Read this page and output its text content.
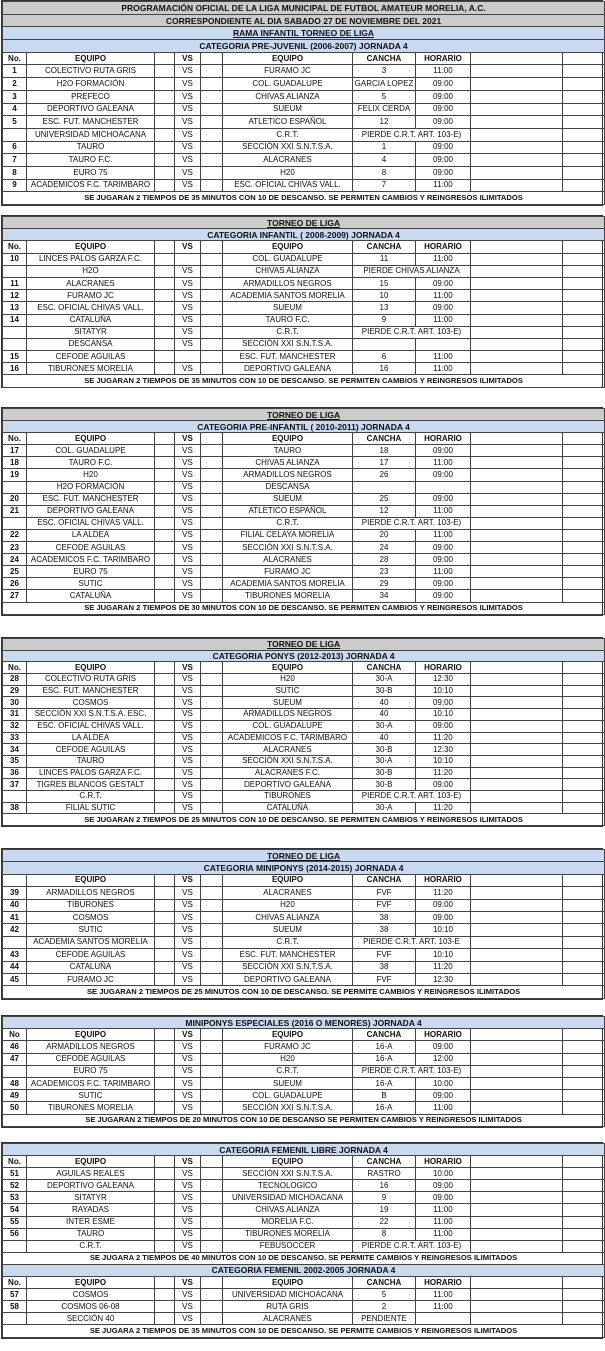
PROGRAMACIÓN OFICIAL DE LA LIGA MUNICIPAL DE FUTBOL AMATEUR MORELIA, A.C.									
CORRESPONDIENTE AL DIA SABADO 27 DE NOVIEMBRE DEL 2021									
RAMA INFANTIL TORNEO DE LIGA									
CATEGORIA PRE-JUVENIL (2006-2007) JORNADA 4									
No.	EQUIPO		VS		EQUIPO	CANCHA	HORARIO		
1	COLECTIVO RUTA GRIS		VS		FURAMO JC	3	11:00		
2	H2O FORMACIÓN		VS		COL. GUADALUPE	GARCIA LOPEZ	09:00		
3	PREFECO		VS		CHIVAS ALIANZA	5	09:00		
4	DEPORTIVO GALEANA		VS		SUEUM	FELIX CERDA	09:00		
5	ESC. FUT. MANCHESTER		VS		ATLETICO ESPAÑOL	12	09:00		
	UNIVERSIDAD MICHOACANA		VS		C.R.T.	PIERDE C.R.T. ART. 103-E)			
6	TAURO		VS		SECCIÓN XXI S.N.T.S.A.	1	09:00		
7	TAURO F.C.		VS		ALACRANES	4	09:00		
8	EURO 75		VS		H20	8	09:00		
9	ACADEMICOS F.C. TARIMBARO		VS		ESC. OFICIAL CHIVAS VALL.	7	11:00		
SE JUGARAN 2 TIEMPOS DE 35 MINUTOS CON 10 DE DESCANSO. SE PERMITEN CAMBIOS Y REINGRESOS ILIMITADOS									
TORNEO DE LIGA									
CATEGORIA INFANTIL ( 2008-2009) JORNADA 4									
No.	EQUIPO		VS		EQUIPO	CANCHA	HORARIO		
10	LINCES PALOS GARZA F.C.				COL. GUADALUPE	11	11:00		
	H2O		VS		CHIVAS ALIANZA	PIERDE CHIVAS ALIANZA			
11	ALACRANES		VS		ARMADILLOS NEGROS	15	09:00		
12	FURAMO JC		VS		ACADEMIA SANTOS MORELIA	10	11:00		
13	ESC. OFICIAL CHIVAS VALL.		VS		SUEUM	13	09:00		
14	CATALUÑA		VS		TAURO F.C.	9	11:00		
	SITATYR		VS		C.R.T.	PIERDE C.R.T. ART. 103-E)			
	DESCANSA		VS		SECCIÓN XXI S.N.T.S.A.				
15	CEFODE AGUILAS				ESC. FUT. MANCHESTER	6	11:00		
16	TIBURONES MORELIA		VS		DEPORTIVO GALEANA	16	11:00		
SE JUGARAN 2 TIEMPOS DE 35 MINUTOS CON 10 DE DESCANSO. SE PERMITEN CAMBIOS Y REINGRESOS ILIMITADOS									
TORNEO DE LIGA									
CATEGORIA PRE-INFANTIL ( 2010-2011) JORNADA 4									
No.	EQUIPO		VS		EQUIPO	CANCHA	HORARIO		
17	COL. GUADALUPE		VS		TAURO	18	09:00		
18	TAURO F.C.		VS		CHIVAS ALIANZA	17	11:00		
19	H20		VS		ARMADILLOS NEGROS	26	09:00		
	H2O FORMACIÓN		VS		DESCANSA				
20	ESC. FUT. MANCHESTER		VS		SUEUM	25	09:00		
21	DEPORTIVO GALEANA		VS		ATLETICO ESPAÑOL	12	11:00		
	ESC. OFICIAL CHIVAS VALL.		VS		C.R.T.	PIERDE C.R.T. ART. 103-E)			
22	LA ALDEA		VS		FILIAL CELAYA MORELIA	20	11:00		
23	CEFODE AGUILAS		VS		SECCIÓN XXI S.N.T.S.A.	24	09:00		
24	ACADEMICOS F.C. TARIMBARO		VS		ALACRANES	28	09:00		
25	EURO 75		VS		FURAMO JC	23	11:00		
26	SUTIC		VS		ACADEMIA SANTOS MORELIA	29	09:00		
27	CATALUÑA		VS		TIBURONES MORELIA	34	09:00		
SE JUGARAN 2 TIEMPOS DE 30 MINUTOS CON 10 DE DESCANSO. SE PERMITEN CAMBIOS Y REINGRESOS ILIMITADOS									
TORNEO DE LIGA									
CATEGORIA PONYS (2012-2013) JORNADA 4									
No.	EQUIPO		VS		EQUIPO	CANCHA	HORARIO		
28	COLECTIVO RUTA GRIS		VS		H20	30-A	12:30		
29	ESC. FUT. MANCHESTER		VS		SUTIC	30-B	10:10		
30	COSMOS		VS		SUEUM	40	09:00		
31	SECCIÓN XXI S.N.T.S.A. ESC.		VS		ARMADILLOS NEGROS	40	10:10		
32	ESC. OFICIAL CHIVAS VALL.		VS		COL. GUADALUPE	30-A	09:00		
33	LA ALDEA		VS		ACADEMICOS F.C. TARIMBARO	40	11:20		
34	CEFODE AGUILAS		VS		ALACRANES	30-B	12:30		
35	TAURO		VS		SECCIÓN XXI S.N.T.S.A.	30-A	10:10		
36	LINCES PALOS GARZA F.C.		VS		ALACRANES F.C.	30-B	11:20		
37	TIGRES BLANCOS GESTALT		VS		DEPORTIVO GALEANA	30-B	09:00		
	C.R.T.		VS		TIBURONES	PIERDE C.R.T. ART. 103-E)			
38	FILIAL SUTIC		VS		CATALUÑA	30-A	11:20		
SE JUGARAN 2 TIEMPOS DE 25 MINUTOS CON 10 DE DESCANSO. SE PERMITEN CAMBIOS Y REINGRESOS ILIMITADOS									
TORNEO DE LIGA									
CATEGORIA MINIPONYS (2014-2015) JORNADA 4									
	EQUIPO		VS		EQUIPO	CANCHA	HORARIO		
39	ARMADILLOS NEGROS		VS		ALACRANES	FVF	11:20		
40	TIBURONES		VS		H20	FVF	09:00		
41	COSMOS		VS		CHIVAS ALIANZA	38	09:00		
42	SUTIC		VS		SUEUM	38	10:10		
	ACADEMIA SANTOS MORELIA		VS		C.R.T.	PIERDE C.R.T. ART. 103-E			
43	CEFODE AGUILAS		VS		ESC. FUT. MANCHESTER	FVF	10:10		
44	CATALUÑA		VS		SECCIÓN XXI S.N.T.S.A.	38	11:20		
45	FURAMO JC		VS		DEPORTIVO GALEANA	FVF	12:30		
SE JUGARAN 2 TIEMPOS DE 25 MINUTOS CON 10 DE DESCANSO. SE PERMITE CAMBIOS Y REINGRESOS ILIMITADOS									
MINIPONYS ESPECIALES (2016 O MENORES) JORNADA 4									
No	EQUIPO		VS		EQUIPO	CANCHA	HORARIO		
46	ARMADILLOS NEGROS		VS		FURAMO JC	16-A	09:00		
47	CEFODE AGUILAS		VS		H20	16-A	12:00		
	EURO 75		VS		C.R.T.	PIERDE C.R.T. ART. 103-E)			
48	ACADEMICOS F.C. TARIMBARO		VS		SUEUM	16-A	10:00		
49	SUTIC		VS		COL. GUADALUPE	B	09:00		
50	TIBURONES MORELIA		VS		SECCIÓN XXI S.N.T.S.A.	16-A	11:00		
SE JUGARAN 2 TIEMPOS DE 20 MINUTOS CON 10 DE DESCANSO SE PERMITEN CAMBIOS Y REINGRESOS ILIMITADOS									
CATEGORIA FEMENIL LIBRE JORNADA 4									
No.	EQUIPO		VS		EQUIPO	CANCHA	HORARIO		
51	AGUILAS REALES		VS		SECCIÓN XXI S.N.T.S.A.	RASTRO	10:00		
52	DEPORTIVO GALEANA		VS		TECNOLOGICO	16	09:00		
53	SITATYR		VS		UNIVERSIDAD MICHOACANA	9	09:00		
54	RAYADAS		VS		CHIVAS ALIANZA	19	11:00		
55	INTER ESME		VS		MORELIA F.C.	22	11:00		
56	TAURO		VS		TIBURONES MORELIA	8	11:00		
	C.R.T.		VS		FEBUSOCCER	PIERDE C.R.T. ART. 103-E)			
SE JUGARA 2 TIEMPOS DE 40 MINUTOS CON 10 DE DESCANSO. SE PERMITE CAMBIOS Y REINGRESOS ILIMITADOS									
CATEGORIA FEMENIL 2002-2005 JORNADA 4									
No.	EQUIPO		VS		EQUIPO	CANCHA	HORARIO		
57	COSMOS		VS		UNIVERSIDAD MICHOACANA	5	11:00		
58	COSMOS 06-08		VS		RUTA GRIS	2	11:00		
	SECCIÓN 40		VS		ALACRANES	PENDIENTE			
SE JUGARA 2 TIEMPOS DE 35 MINUTOS CON 10 DE DESCANSO. SE PERMITE CAMBIOS Y REINGRESOS ILIMITADOS									
